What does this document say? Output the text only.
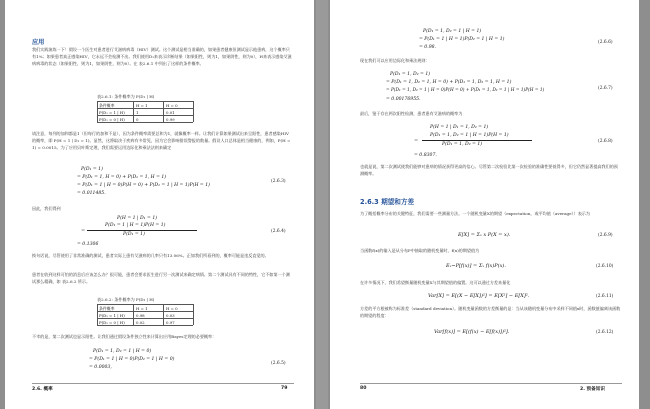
应用
我们实践演练一下！假设一个医生对患者进行艾滋病病毒（HIV）测试。这个测试是相当准确的，如果患者健康但测试显示他患病，这个概率只有1%；如果患者真正感染HIV，它永远不会检测不出。我们使用D₁来表示诊断结果（如果阳性，则为1，如果阴性，则为0），H来表示感染艾滋病病毒的状态（如果阳性，则为1，如果阴性，则为0）。在 表2.6.1 中列出了这样的条件概率。
表2.6.1: 条件概率为 P(D₁ | H)
条件概率	H = 1	H = 0
P(D₁ = 1 | H)	1	0.01
P(D₁ = 0 | H)	0	0.99
请注意，每列的加和都是1（但每行的加和不是），因为条件概率需要总和为1，就像概率一样。让我们计算如果测试出来呈阳性，患者感染HIV的概率，即 P(H = 1 | D₁ = 1)。显然，这将取决于疾病有多常见，因为它会影响错误警报的数量。假设人口总体是相当健康的，例如，P(H = 1) = 0.0015。为了应用贝叶斯定理，我们需要运用边际化和乘法法则来确定
P(D₁ = 1)
= P(D₁ = 1, H = 0) + P(D₁ = 1, H = 1)
= P(D₁ = 1 | H = 0)P(H = 0) + P(D₁ = 1 | H = 1)P(H = 1)
= 0.011485.
(2.6.3)
因此，我们得到
P(H = 1 | D₁ = 1)
P(D₁ = 1 | H = 1)P(H = 1)
=
P(D₁ = 1)
= 0.1306
(2.6.4)
换句话说，尽管使用了非常准确的测试，患者实际上患有艾滋病的几率只有13.06%。正如我们所看到的，概率可能是违反直觉的。
患者在收到这样可怕的消息后应该怎么办？很可能，患者会要求医生进行另一次测试来确定病情。第二个测试具有不同的特性，它不如第一个测试那么精确，如 表2.6.2 所示。
表2.6.2: 条件概率为 P(D₂ | H)
条件概率	H = 1	H = 0
P(D₂ = 1 | H)	0.98	0.03
P(D₂ = 0 | H)	0.02	0.97
不幸的是，第二次测试也显示阳性。让我们通过假设条件独立性来计算出应用Bayes定理的必要概率：
P(D₁ = 1, D₂ = 1 | H = 0)
= P(D₁ = 1 | H = 0)P(D₂ = 1 | H = 0)
= 0.0003,
(2.6.5)
2.6. 概率	79
P(D₁ = 1, D₂ = 1 | H = 1)
= P(D₁ = 1 | H = 1)P(D₂ = 1 | H = 1)
= 0.98.
(2.6.6)
现在我们可以应用边际化和乘法规则：
P(D₁ = 1, D₂ = 1)
= P(D₁ = 1, D₂ = 1, H = 0) + P(D₁ = 1, D₂ = 1, H = 1)
= P(D₁ = 1, D₂ = 1 | H = 0)P(H = 0) + P(D₁ = 1, D₂ = 1 | H = 1)P(H = 1)
= 0.00176955.
(2.6.7)
最后，鉴于存在两次阳性检测，患者患有艾滋病的概率为
P(H = 1 | D₁ = 1, D₂ = 1)
P(D₁ = 1, D₂ = 1 | H = 1)P(H = 1)
=
P(D₁ = 1, D₂ = 1)
= 0.8307.
(2.6.8)
也就是说，第二次测试使我们能够对患病的情况获得更高的信心。尽管第二次检验比第一次检验的准确性要低得多，但它仍然显著提高我们的预测概率。
2.6.3 期望和方差
为了概括概率分布的关键特征，我们需要一些测量方法。一个随机变量X的期望（expectation，或平均值（average））表示为
E[X] = Σₓ x P(X = x).	(2.6.9)
当函数f(x)的输入是从分布P中抽取的随机变量时，f(x)的期望值为
Eₓ~P[f(x)] = Σₓ f(x)P(x).	(2.6.10)
在许多情况下，我们希望衡量随机变量X与其期望值的偏置。这可以通过方差来量化
Var[X] = E[(X − E[X])²] = E[X²] − E[X]².	(2.6.11)
方差的平方根被称为标准差（standard deviation）。随机变量函数的方差衡量的是：当从该随机变量分布中采样不同值x时，函数值偏离该函数的期望的程度：
Var[f(x)] = E[(f(x) − E[f(x)])²].	(2.6.12)
80	2. 预备知识
